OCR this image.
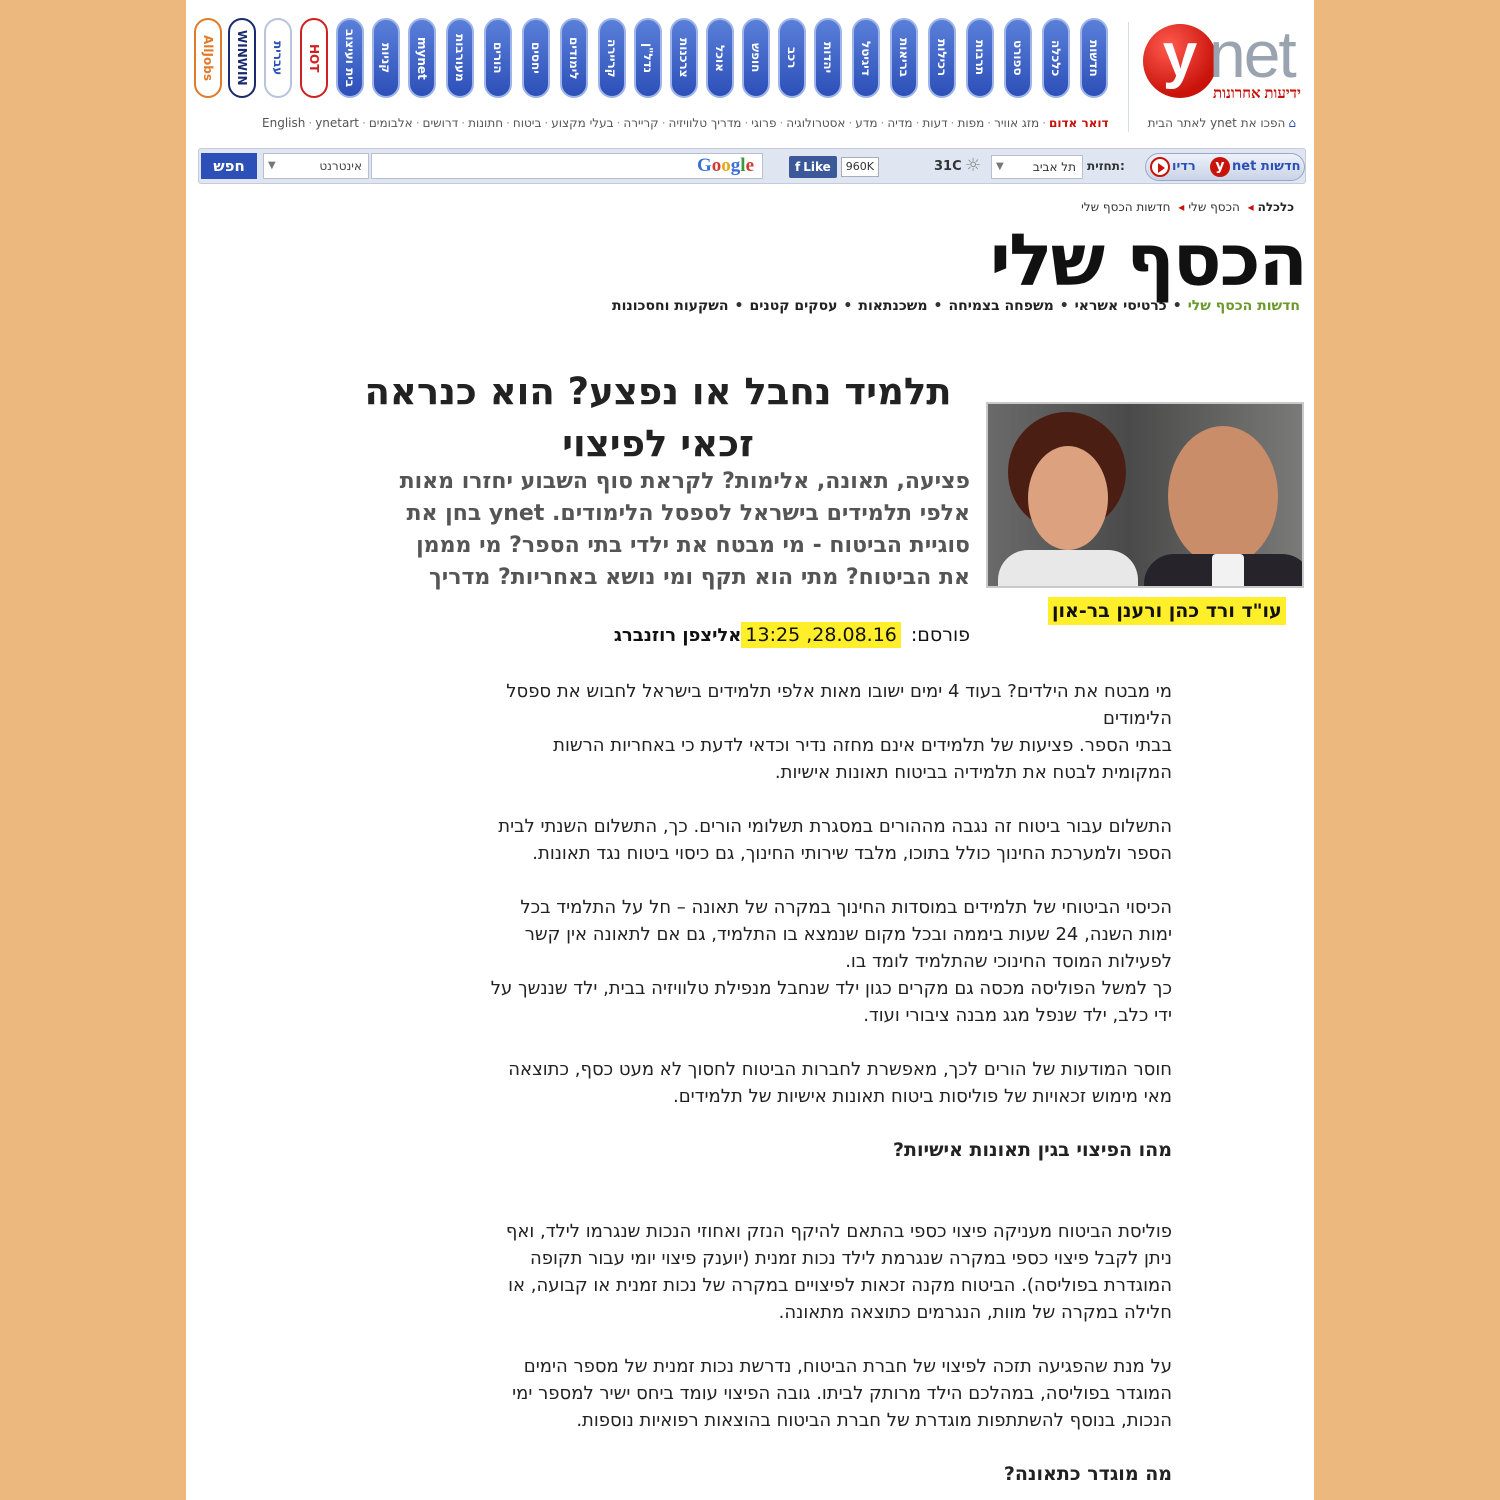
y net
ידיעות אחרונות
חדשות
כלכלה
ספורט
תרבות
רכילות
בריאות
דיגיטל
יהדות
רכב
חופש
אוכל
צרכנות
נדל"ן
קריירה
לימודים
יחסים
הורים
מעורבות
mynet
קניות
בית ועיצוב
HOT
עברית
WINWIN
AllJobs
⌂
הפכו את ynet לאתר הבית
דואר אדום
·
מזג אוויר
·
מפות
·
דעות
·
מדיה
·
מדע
·
אסטרולוגיה
·
פרוגי
·
מדריך טלוויזיה
·
קריירה
·
בעלי מקצוע
·
ביטוח
·
חתונות
·
דרושים
·
אלבומים
·
ynetart
·
English
חפש	▼	אינטרנט	Google	f Like	960K	31C ☼ ▼ תל אביב תחזית:	רדיו	y net חדשות
כלכלה◂ הכסף שלי◂ חדשות הכסף שלי
הכסף שלי
חדשות הכסף שלי
•
כרטיסי אשראי
•
משפחה בצמיחה
•
משכנתאות
•
עסקים קטנים
•
השקעות וחסכונות
תלמיד נחבל או נפצע? הוא כנראה
זכאי לפיצוי
עו"ד ורד כהן ורענן בר-און
פציעה, תאונה, אלימות? לקראת סוף השבוע יחזרו מאות
אלפי תלמידים בישראל לספסל הלימודים. ynet בחן את
סוגיית הביטוח - מי מבטח את ילדי בתי הספר? מי מממן
את הביטוח? מתי הוא תקף ומי נושא באחריות? מדריך
פורסם:
28.08.16, 13:25
אליצפן רוזנברג

מי מבטח את הילדים? בעוד 4 ימים ישובו מאות אלפי תלמידים בישראל לחבוש את ספסל
הלימודים
בבתי הספר. פציעות של תלמידים אינם מחזה נדיר וכדאי לדעת כי באחריות הרשות
המקומית לבטח את תלמידיה בביטוח תאונות אישיות.

התשלום עבור ביטוח זה נגבה מההורים במסגרת תשלומי הורים. כך, התשלום השנתי לבית
הספר ולמערכת החינוך כולל בתוכו, מלבד שירותי החינוך, גם כיסוי ביטוח נגד תאונות.

הכיסוי הביטוחי של תלמידים במוסדות החינוך במקרה של תאונה – חל על התלמיד בכל
ימות השנה, 24 שעות ביממה ובכל מקום שנמצא בו התלמיד, גם אם לתאונה אין קשר
לפעילות המוסד החינוכי שהתלמיד לומד בו.
כך למשל הפוליסה מכסה גם מקרים כגון ילד שנחבל מנפילת טלוויזיה בבית, ילד שננשך על
ידי כלב, ילד שנפל מגג מבנה ציבורי ועוד.

חוסר המודעות של הורים לכך, מאפשרת לחברות הביטוח לחסוך לא מעט כסף, כתוצאה
מאי מימוש זכאויות של פוליסות ביטוח תאונות אישיות של תלמידים.

מהו הפיצוי בגין תאונות אישיות?

פוליסת הביטוח מעניקה פיצוי כספי בהתאם להיקף הנזק ואחוזי הנכות שנגרמו לילד, ואף
ניתן לקבל פיצוי כספי במקרה שנגרמת לילד נכות זמנית (יוענק פיצוי יומי עבור תקופה
המוגדרת בפוליסה). הביטוח מקנה זכאות לפיצויים במקרה של נכות זמנית או קבועה, או
חלילה במקרה של מוות, הנגרמים כתוצאה מתאונה.

על מנת שהפגיעה תזכה לפיצוי של חברת הביטוח, נדרשת נכות זמנית של מספר הימים
המוגדר בפוליסה, במהלכם הילד מרותק לביתו. גובה הפיצוי עומד ביחס ישיר למספר ימי
הנכות, בנוסף להשתתפות מוגדרת של חברת הביטוח בהוצאות רפואיות נוספות.

מה מוגדר כתאונה?
